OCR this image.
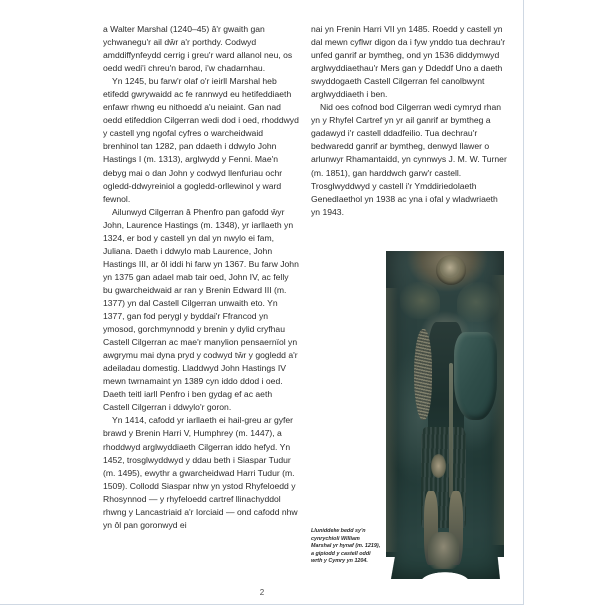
a Walter Marshal (1240–45) â'r gwaith gan ychwanegu'r ail dŵr a'r porthdy. Codwyd amddiffynfeydd cerrig i greu'r ward allanol neu, os oedd wedi'i chreu'n barod, i'w chadarnhau.

Yn 1245, bu farw'r olaf o'r ieirll Marshal heb etifedd gwrywaidd ac fe rannwyd eu hetifeddiaeth enfawr rhwng eu nithoedd a'u neiaint. Gan nad oedd etifeddion Cilgerran wedi dod i oed, rhoddwyd y castell yng ngofal cyfres o warcheidwaid brenhinol tan 1282, pan ddaeth i ddwylo John Hastings I (m. 1313), arglwydd y Fenni. Mae'n debyg mai o dan John y codwyd llenfuriau ochr ogledd-ddwyreiniol a gogledd-orllewinol y ward fewnol.

Ailunwyd Cilgerran â Phenfro pan gafodd ŵyr John, Laurence Hastings (m. 1348), yr iarllaeth yn 1324, er bod y castell yn dal yn nwylo ei fam, Juliana. Daeth i ddwylo mab Laurence, John Hastings III, ar ôl iddi hi farw yn 1367. Bu farw John yn 1375 gan adael mab tair oed, John IV, ac felly bu gwarcheidwaid ar ran y Brenin Edward III (m. 1377) yn dal Castell Cilgerran unwaith eto. Yn 1377, gan fod perygl y byddai'r Ffrancod yn ymosod, gorchmynnodd y brenin y dylid cryfhau Castell Cilgerran ac mae'r manylion pensaernïol yn awgrymu mai dyna pryd y codwyd tŵr y gogledd a'r adeiladau domestig. Lladdwyd John Hastings IV mewn twrnamaint yn 1389 cyn iddo ddod i oed. Daeth teitl iarll Penfro i ben gydag ef ac aeth Castell Cilgerran i ddwylo'r goron.

Yn 1414, cafodd yr iarllaeth ei hail-greu ar gyfer brawd y Brenin Harri V, Humphrey (m. 1447), a rhoddwyd arglwyddiaeth Cilgerran iddo hefyd. Yn 1452, trosglwyddwyd y ddau beth i Siaspar Tudur (m. 1495), ewythr a gwarcheidwad Harri Tudur (m. 1509). Collodd Siaspar nhw yn ystod Rhyfeloedd y Rhosynnod — y rhyfeloedd cartref llinachyddol rhwng y Lancastriaid a'r Iorciaid — ond cafodd nhw yn ôl pan goronwyd ei

nai yn Frenin Harri VII yn 1485. Roedd y castell yn dal mewn cyflwr digon da i fyw ynddo tua dechrau'r unfed ganrif ar bymtheg, ond yn 1536 diddymwyd arglwyddiaethau'r Mers gan y Ddeddf Uno a daeth swyddogaeth Castell Cilgerran fel canolbwynt arglwyddiaeth i ben.

Nid oes cofnod bod Cilgerran wedi cymryd rhan yn y Rhyfel Cartref yn yr ail ganrif ar bymtheg a gadawyd i'r castell ddadfeilio. Tua dechrau'r bedwaredd ganrif ar bymtheg, denwyd llawer o arlunwyr Rhamantaidd, yn cynnwys J. M. W. Turner (m. 1851), gan harddwch garw'r castell. Trosglwyddwyd y castell i'r Ymddiriedolaeth Genedlaethol yn 1938 ac yna i ofal y wladwriaeth yn 1943.

Lluniddelw bedd sy'n cynrychioli William Marshal yr hynaf (m. 1219), a gipiodd y castell oddi wrth y Cymry yn 1204.
2
